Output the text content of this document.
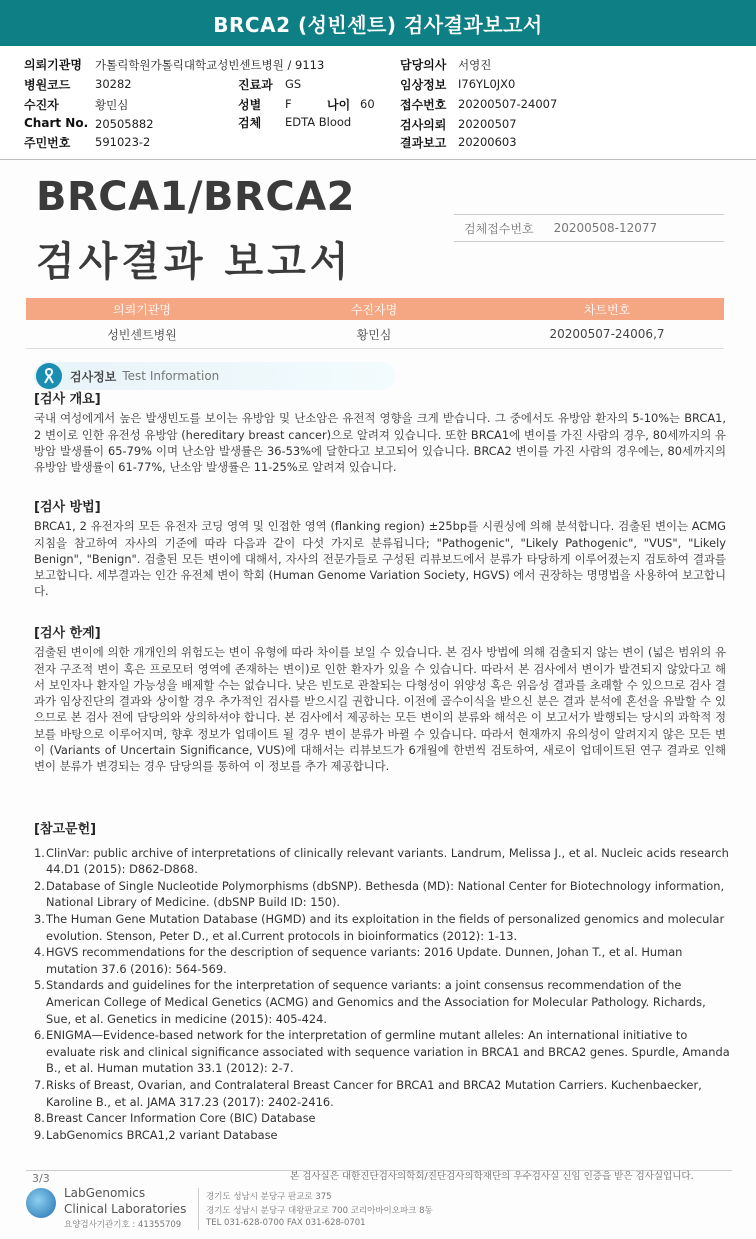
BRCA2 (성빈센트) 검사결과보고서
의뢰기관명 가톨릭학원가톨릭대학교성빈센트병원 / 9113	담당의사 서영진
병원코드 30282	진료과 GS	임상정보 I76YL0JX0
수진자	황민심	성별 F	나이 60 접수번호 20200507-24007
Chart No. 20505882	검체 EDTA Blood	검사의뢰 20200507
주민번호 591023-2	결과보고 20200603
BRCA1/BRCA2
검사결과 보고서
검체접수번호 20200508-12077
의뢰기관명	수진자명	차트번호
성빈센트병원	황민심	20200507-24006,7
검사정보 Test Information
[검사 개요]

국내 여성에게서 높은 발생빈도를 보이는 유방암 및 난소암은 유전적 영향을 크게 받습니다. 그 중에서도 유방암 환자의 5-10%는 BRCA1, 2 변이로 인한 유전성 유방암 (hereditary breast cancer)으로 알려져 있습니다. 또한 BRCA1에 변이를 가진 사람의 경우, 80세까지의 유방암 발생률이 65-79% 이며 난소암 발생률은 36-53%에 달한다고 보고되어 있습니다. BRCA2 변이를 가진 사람의 경우에는, 80세까지의 유방암 발생률이 61-77%, 난소암 발생률은 11-25%로 알려져 있습니다.

[검사 방법]

BRCA1, 2 유전자의 모든 유전자 코딩 영역 및 인접한 영역 (flanking region) ±25bp를 시퀀싱에 의해 분석합니다. 검출된 변이는 ACMG 지침을 참고하여 자사의 기준에 따라 다음과 같이 다섯 가지로 분류됩니다; "Pathogenic", "Likely Pathogenic", "VUS", "Likely Benign", "Benign". 검출된 모든 변이에 대해서, 자사의 전문가들로 구성된 리뷰보드에서 분류가 타당하게 이루어졌는지 검토하여 결과를 보고합니다. 세부결과는 인간 유전체 변이 학회 (Human Genome Variation Society, HGVS) 에서 권장하는 명명법을 사용하여 보고합니다.

[검사 한계]

검출된 변이에 의한 개개인의 위험도는 변이 유형에 따라 차이를 보일 수 있습니다. 본 검사 방법에 의해 검출되지 않는 변이 (넓은 범위의 유전자 구조적 변이 혹은 프로모터 영역에 존재하는 변이)로 인한 환자가 있을 수 있습니다. 따라서 본 검사에서 변이가 발견되지 않았다고 해서 보인자나 환자일 가능성을 배제할 수는 없습니다. 낮은 빈도로 관찰되는 다형성이 위양성 혹은 위음성 결과를 초래할 수 있으므로 검사 결과가 임상진단의 결과와 상이할 경우 추가적인 검사를 받으시길 권합니다. 이전에 골수이식을 받으신 분은 결과 분석에 혼선을 유발할 수 있으므로 본 검사 전에 담당의와 상의하셔야 합니다. 본 검사에서 제공하는 모든 변이의 분류와 해석은 이 보고서가 발행되는 당시의 과학적 정보를 바탕으로 이루어지며, 향후 정보가 업데이트 될 경우 변이 분류가 바뀔 수 있습니다. 따라서 현재까지 유의성이 알려지지 않은 모든 변이 (Variants of Uncertain Significance, VUS)에 대해서는 리뷰보드가 6개월에 한번씩 검토하여, 새로이 업데이트된 연구 결과로 인해 변이 분류가 변경되는 경우 담당의를 통하여 이 정보를 추가 제공합니다.

[참고문헌]
1. ClinVar: public archive of interpretations of clinically relevant variants. Landrum, Melissa J., et al. Nucleic acids research 44.D1 (2015): D862-D868.
2. Database of Single Nucleotide Polymorphisms (dbSNP). Bethesda (MD): National Center for Biotechnology information, National Library of Medicine. (dbSNP Build ID: 150).
3. The Human Gene Mutation Database (HGMD) and its exploitation in the fields of personalized genomics and molecular evolution. Stenson, Peter D., et al.Current protocols in bioinformatics (2012): 1-13.
4. HGVS recommendations for the description of sequence variants: 2016 Update. Dunnen, Johan T., et al. Human mutation 37.6 (2016): 564-569.
5. Standards and guidelines for the interpretation of sequence variants: a joint consensus recommendation of the American College of Medical Genetics (ACMG) and Genomics and the Association for Molecular Pathology. Richards, Sue, et al. Genetics in medicine (2015): 405-424.
6. ENIGMA—Evidence-based network for the interpretation of germline mutant alleles: An international initiative to evaluate risk and clinical significance associated with sequence variation in BRCA1 and BRCA2 genes. Spurdle, Amanda B., et al. Human mutation 33.1 (2012): 2-7.
7. Risks of Breast, Ovarian, and Contralateral Breast Cancer for BRCA1 and BRCA2 Mutation Carriers. Kuchenbaecker, Karoline B., et al. JAMA 317.23 (2017): 2402-2416.
8. Breast Cancer Information Core (BIC) Database
9. LabGenomics BRCA1,2 variant Database
3/3	본 검사실은 대한진단검사의학회/진단검사의학재단의 우수검사실 신임 인증을 받은 검사실입니다.
LabGenomics
Clinical Laboratories
요양검사기관기호 : 41355709
경기도 성남시 분당구 판교로 375
경기도 성남시 분당구 대왕판교로 700 코리아바이오파크 8동
TEL 031-628-0700 FAX 031-628-0701
